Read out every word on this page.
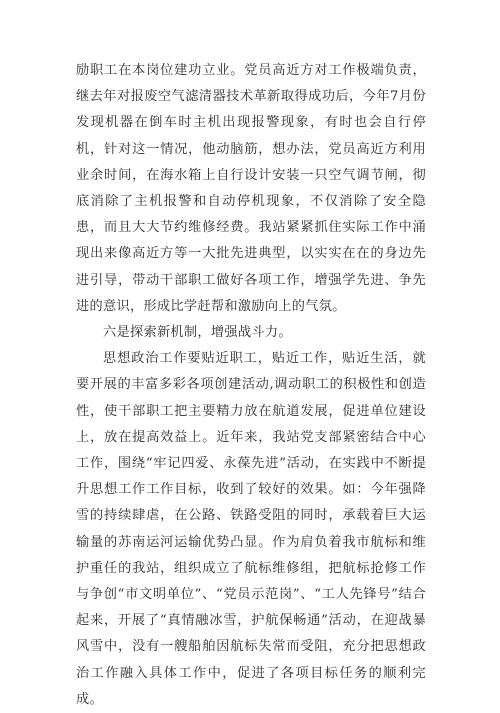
励职工在本岗位建功立业。党员高近方对工作极端负责，继去年对报废空气滤清器技术革新取得成功后，今年7月份发现机器在倒车时主机出现报警现象，有时也会自行停机，针对这一情况，他动脑筋，想办法，党员高近方利用业余时间，在海水箱上自行设计安装一只空气调节闸，彻底消除了主机报警和自动停机现象，不仅消除了安全隐患，而且大大节约维修经费。我站紧紧抓住实际工作中涌现出来像高近方等一大批先进典型，以实实在在的身边先进引导，带动干部职工做好各项工作，增强学先进、争先进的意识，形成比学赶帮和激励向上的气氛。

六是探索新机制，增强战斗力。

思想政治工作要贴近职工，贴近工作，贴近生活，就要开展的丰富多彩各项创建活动,调动职工的积极性和创造性，使干部职工把主要精力放在航道发展，促进单位建设上，放在提高效益上。近年来，我站党支部紧密结合中心工作，围绕“牢记四爱、永葆先进”活动，在实践中不断提升思想工作工作目标，收到了较好的效果。如：今年强降雪的持续肆虐，在公路、铁路受阻的同时，承载着巨大运输量的苏南运河运输优势凸显。作为肩负着我市航标和维护重任的我站，组织成立了航标维修组，把航标抢修工作与争创“市文明单位”、“党员示范岗”、“工人先锋号”结合起来，开展了“真情融冰雪，护航保畅通”活动，在迎战暴风雪中，没有一艘船舶因航标失常而受阻，充分把思想政治工作融入具体工作中，促进了各项目标任务的顺利完成。
